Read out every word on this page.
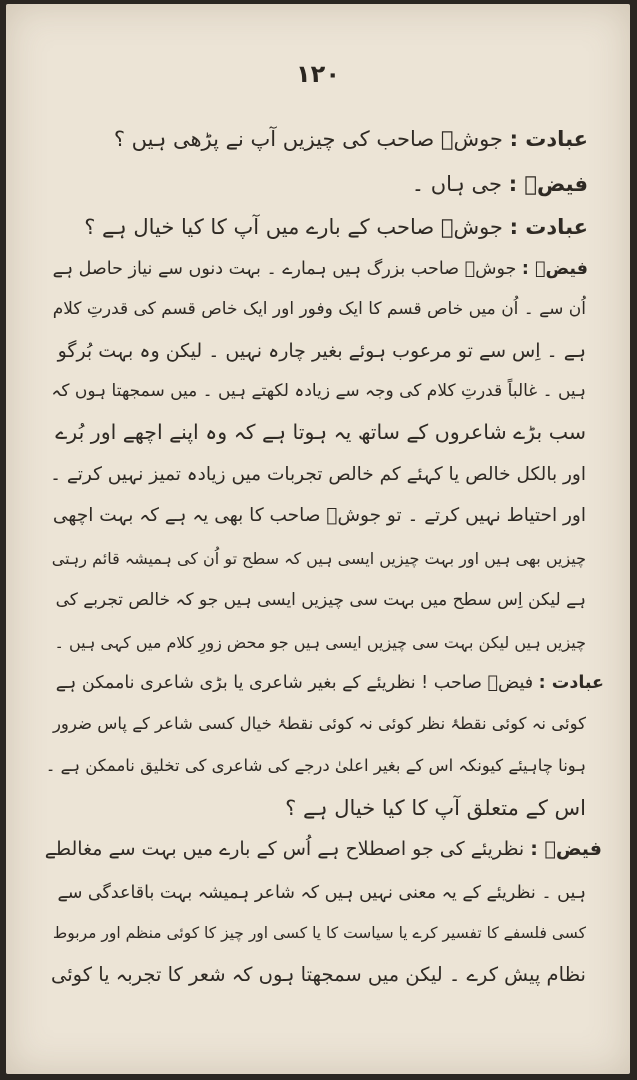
۱۲۰
عبادت : جوشؔ صاحب کی چیزیں آپ نے پڑھی ہیں ؟
فیضؔ : جی ہاں ۔
عبادت : جوشؔ صاحب کے بارے میں آپ کا کیا خیال ہے ؟
فیضؔ : جوشؔ صاحب بزرگ ہیں ہمارے ۔ بہت دنوں سے نیاز حاصل ہے
اُن سے ۔ اُن میں خاص قسم کا ایک وفور اور ایک خاص قسم کی قدرتِ کلام
ہے ۔ اِس سے تو مرعوب ہوئے بغیر چارہ نہیں ۔ لیکن وہ بہت بُرگو
ہیں ۔ غالباً قدرتِ کلام کی وجہ سے زیادہ لکھتے ہیں ۔ میں سمجھتا ہوں کہ
سب بڑے شاعروں کے ساتھ یہ ہوتا ہے کہ وہ اپنے اچھے اور بُرے
اور بالکل خالص یا کہئے کم خالص تجربات میں زیادہ تمیز نہیں کرتے ۔
اور احتیاط نہیں کرتے ۔ تو جوشؔ صاحب کا بھی یہ ہے کہ بہت اچھی
چیزیں بھی ہیں اور بہت چیزیں ایسی ہیں کہ سطح تو اُن کی ہمیشہ قائم رہتی
ہے لیکن اِس سطح میں بہت سی چیزیں ایسی ہیں جو کہ خالص تجربے کی
چیزیں ہیں لیکن بہت سی چیزیں ایسی ہیں جو محض زورِ کلام میں کہی ہیں ۔
عبادت : فیضؔ صاحب ! نظریئے کے بغیر شاعری یا بڑی شاعری ناممکن ہے
کوئی نہ کوئی نقطۂ نظر کوئی نہ کوئی نقطۂ خیال کسی شاعر کے پاس ضرور
ہونا چاہیئے کیونکہ اس کے بغیر اعلیٰ درجے کی شاعری کی تخلیق ناممکن ہے ۔
اس کے متعلق آپ کا کیا خیال ہے ؟
فیضؔ : نظریئے کی جو اصطلاح ہے اُس کے بارے میں بہت سے مغالطے
ہیں ۔ نظریئے کے یہ معنی نہیں ہیں کہ شاعر ہمیشہ بہت باقاعدگی سے
کسی فلسفے کا تفسیر کرے یا سیاست کا یا کسی اور چیز کا کوئی منظم اور مربوط
نظام پیش کرے ۔ لیکن میں سمجھتا ہوں کہ شعر کا تجربہ یا کوئی
